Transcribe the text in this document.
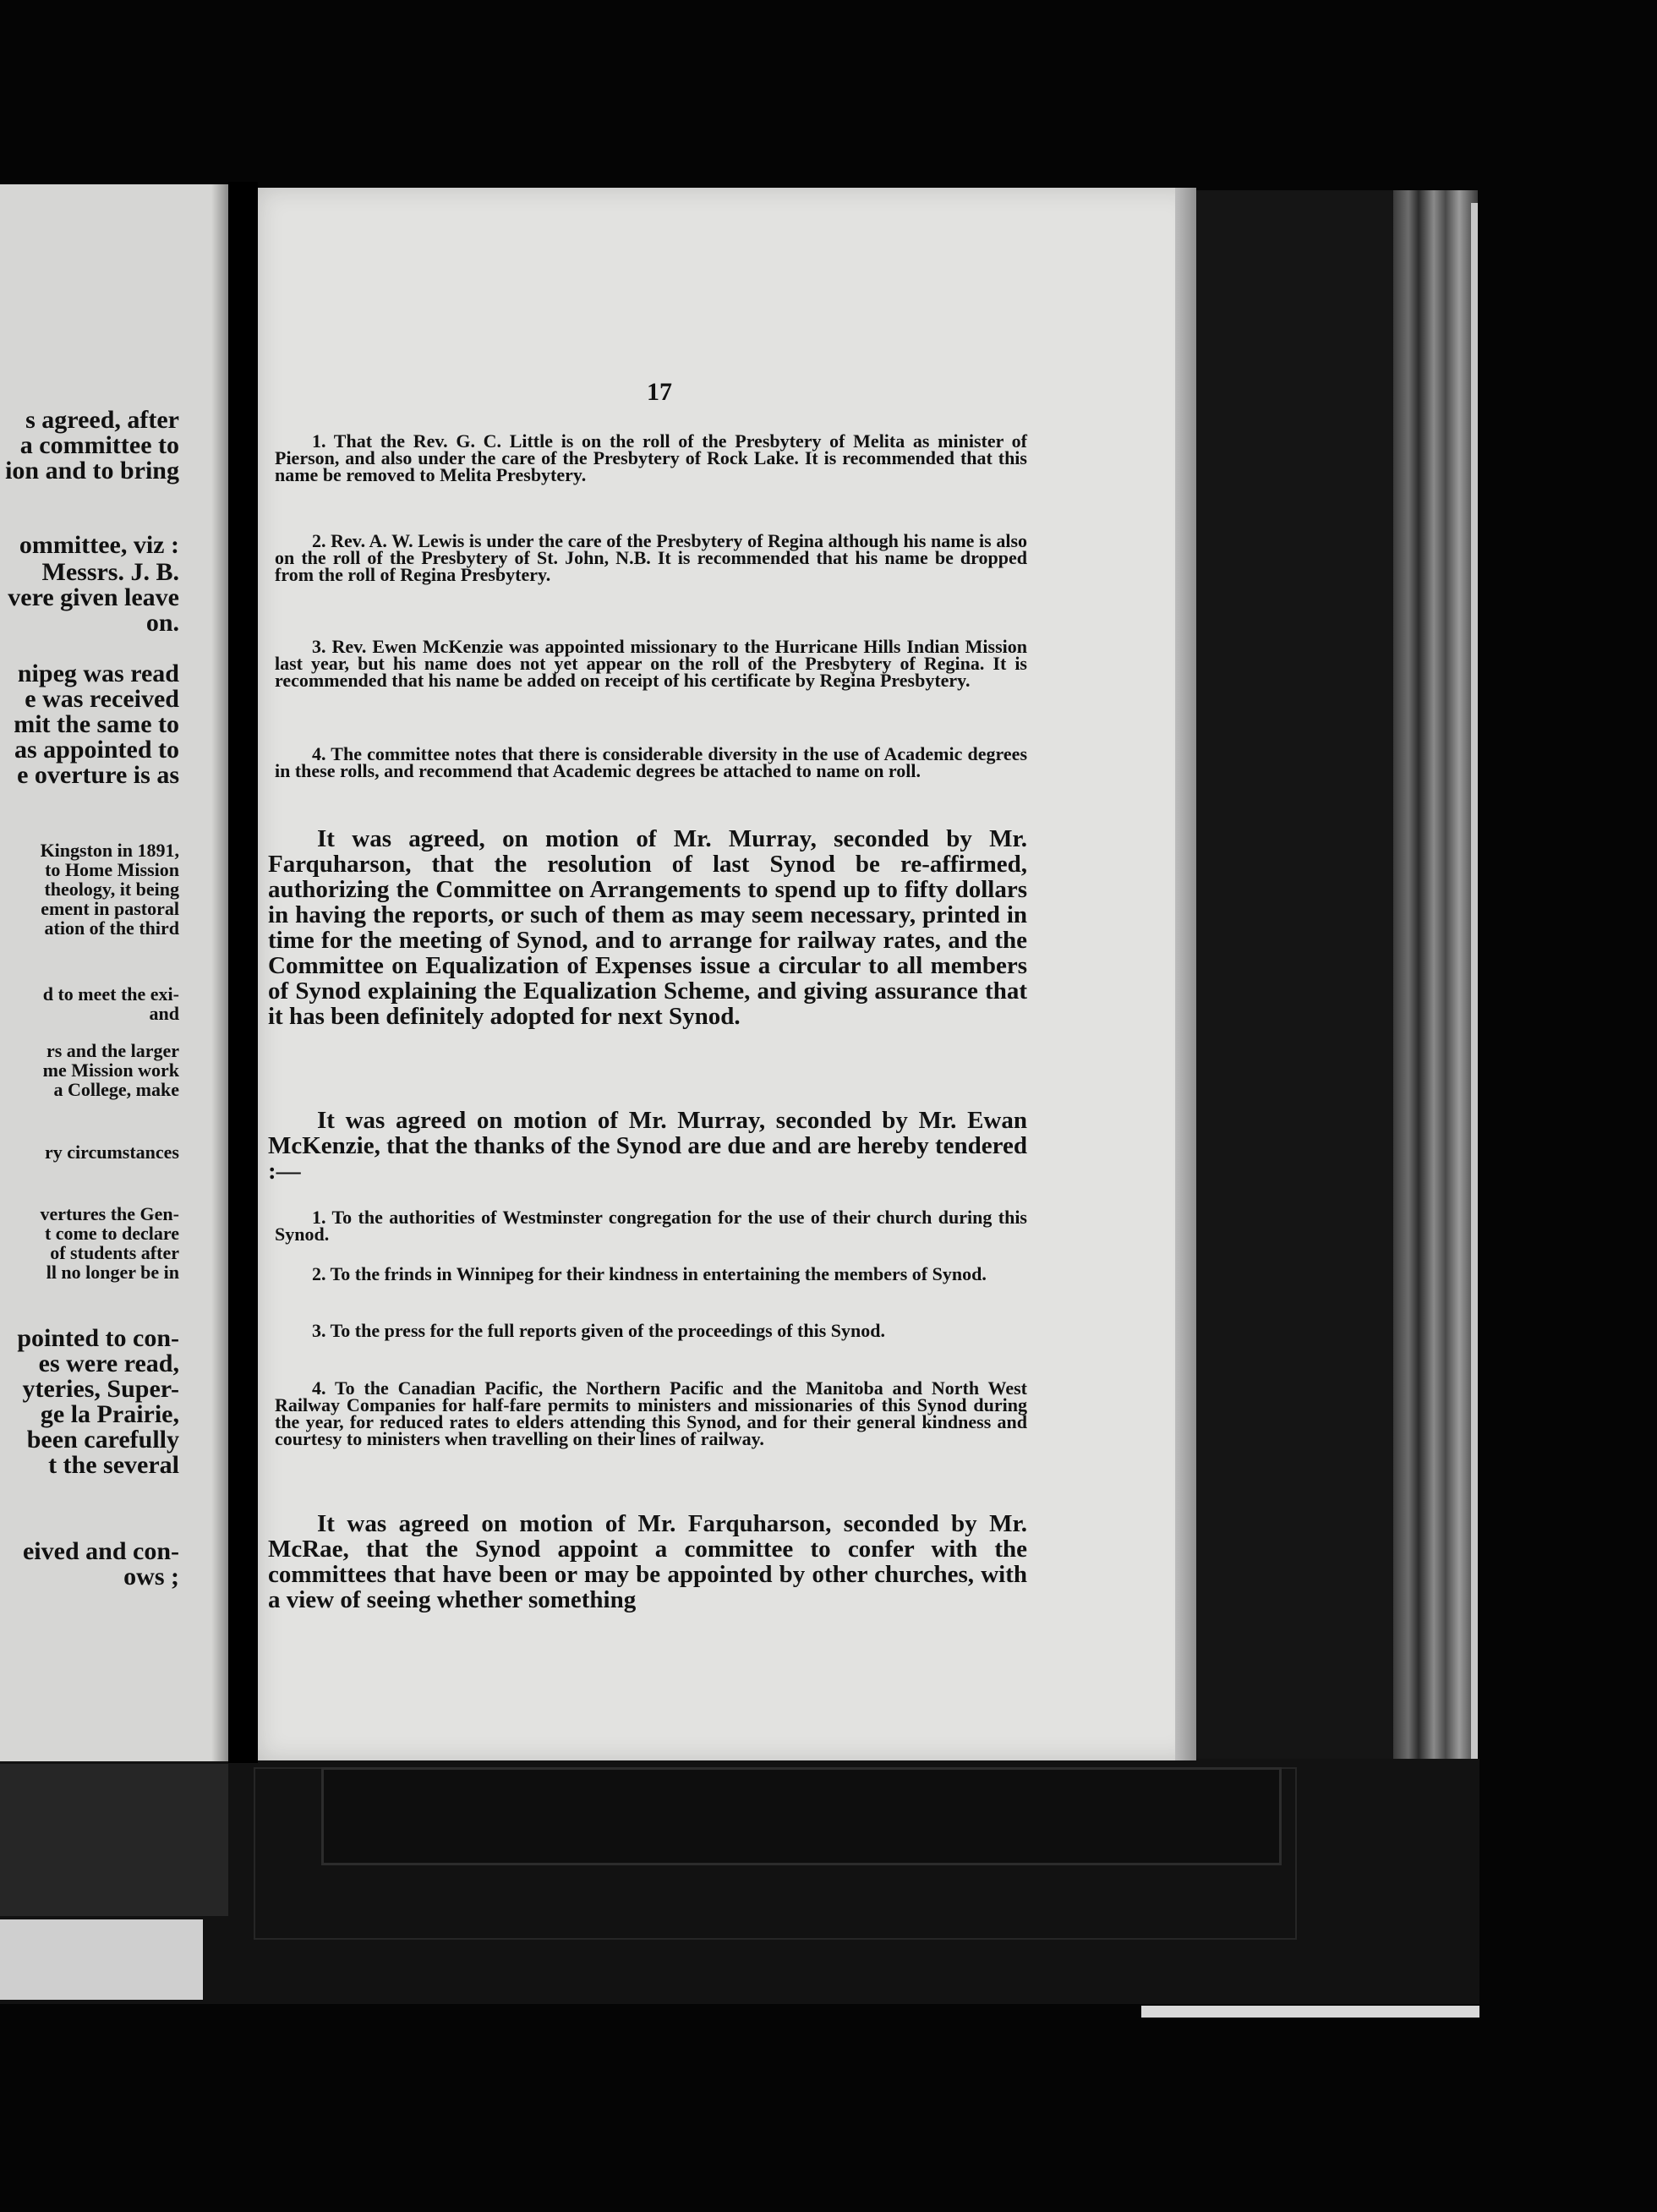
s agreed, after
a committee to
ion and to bring
ommittee, viz :
Messrs. J. B.
vere given leave
on.
nipeg was read
e was received
mit the same to
as appointed to
e overture is as
Kingston in 1891,
to Home Mission
theology, it being
ement in pastoral
ation of the third
d to meet the exi-
and
rs and the larger
me Mission work
a College, make
ry circumstances
vertures the Gen-
t come to declare
of students after
ll no longer be in
pointed to con-
es were read,
yteries, Super-
ge la Prairie,
been carefully
t the several
eived and con-
ows ;
17
1. That the Rev. G. C. Little is on the roll of the Presbytery of Melita as minister of Pierson, and also under the care of the Presbytery of Rock Lake. It is recommended that this name be removed to Melita Presbytery.
2. Rev. A. W. Lewis is under the care of the Presbytery of Regina although his name is also on the roll of the Presbytery of St. John, N.B. It is recommended that his name be dropped from the roll of Regina Presbytery.
3. Rev. Ewen McKenzie was appointed missionary to the Hurricane Hills Indian Mission last year, but his name does not yet appear on the roll of the Presbytery of Regina. It is recommended that his name be added on receipt of his certificate by Regina Presbytery.
4. The committee notes that there is considerable diversity in the use of Academic degrees in these rolls, and recommend that Academic degrees be attached to name on roll.
It was agreed, on motion of Mr. Murray, seconded by Mr. Farquharson, that the resolution of last Synod be re-affirmed, authorizing the Committee on Arrangements to spend up to fifty dollars in having the reports, or such of them as may seem necessary, printed in time for the meeting of Synod, and to arrange for railway rates, and the Committee on Equalization of Expenses issue a circular to all members of Synod explaining the Equalization Scheme, and giving assurance that it has been definitely adopted for next Synod.
It was agreed on motion of Mr. Murray, seconded by Mr. Ewan McKenzie, that the thanks of the Synod are due and are hereby tendered :—
1. To the authorities of Westminster congregation for the use of their church during this Synod.
2. To the frinds in Winnipeg for their kindness in entertaining the members of Synod.
3. To the press for the full reports given of the proceedings of this Synod.
4. To the Canadian Pacific, the Northern Pacific and the Manitoba and North West Railway Companies for half-fare permits to ministers and missionaries of this Synod during the year, for reduced rates to elders attending this Synod, and for their general kindness and courtesy to ministers when travelling on their lines of railway.
It was agreed on motion of Mr. Farquharson, seconded by Mr. McRae, that the Synod appoint a committee to confer with the committees that have been or may be appointed by other churches, with a view of seeing whether something
